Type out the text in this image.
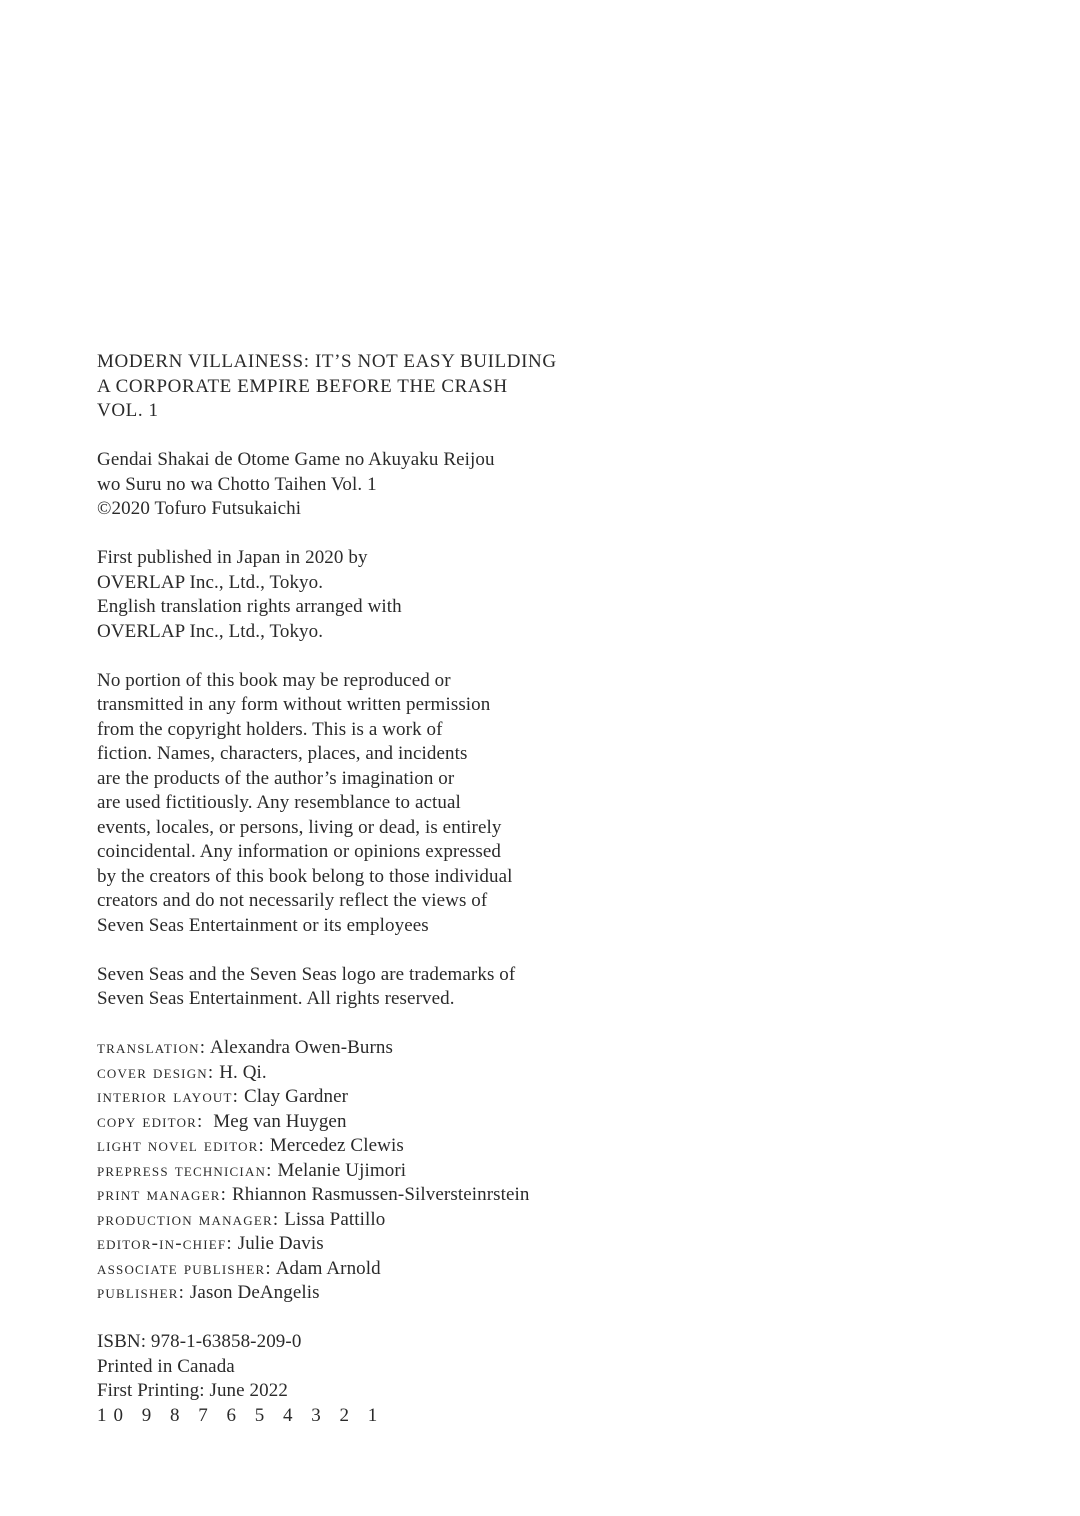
MODERN VILLAINESS: IT’S NOT EASY BUILDING
A CORPORATE EMPIRE BEFORE THE CRASH
VOL. 1
Gendai Shakai de Otome Game no Akuyaku Reijou
wo Suru no wa Chotto Taihen Vol. 1
©2020 Tofuro Futsukaichi
First published in Japan in 2020 by
OVERLAP Inc., Ltd., Tokyo.
English translation rights arranged with
OVERLAP Inc., Ltd., Tokyo.
No portion of this book may be reproduced or
transmitted in any form without written permission
from the copyright holders. This is a work of
fiction. Names, characters, places, and incidents
are the products of the author’s imagination or
are used fictitiously. Any resemblance to actual
events, locales, or persons, living or dead, is entirely
coincidental. Any information or opinions expressed
by the creators of this book belong to those individual
creators and do not necessarily reflect the views of
Seven Seas Entertainment or its employees
Seven Seas and the Seven Seas logo are trademarks of
Seven Seas Entertainment. All rights reserved.
translation: Alexandra Owen-Burns
cover design: H. Qi.
interior layout: Clay Gardner
copy editor:  Meg van Huygen
light novel editor: Mercedez Clewis
prepress technician: Melanie Ujimori
print manager: Rhiannon Rasmussen-Silversteinrstein
production manager: Lissa Pattillo
editor-in-chief: Julie Davis
associate publisher: Adam Arnold
publisher: Jason DeAngelis
ISBN: 978-1-63858-209-0
Printed in Canada
First Printing: June 2022
10 9 8 7 6 5 4 3 2 1
